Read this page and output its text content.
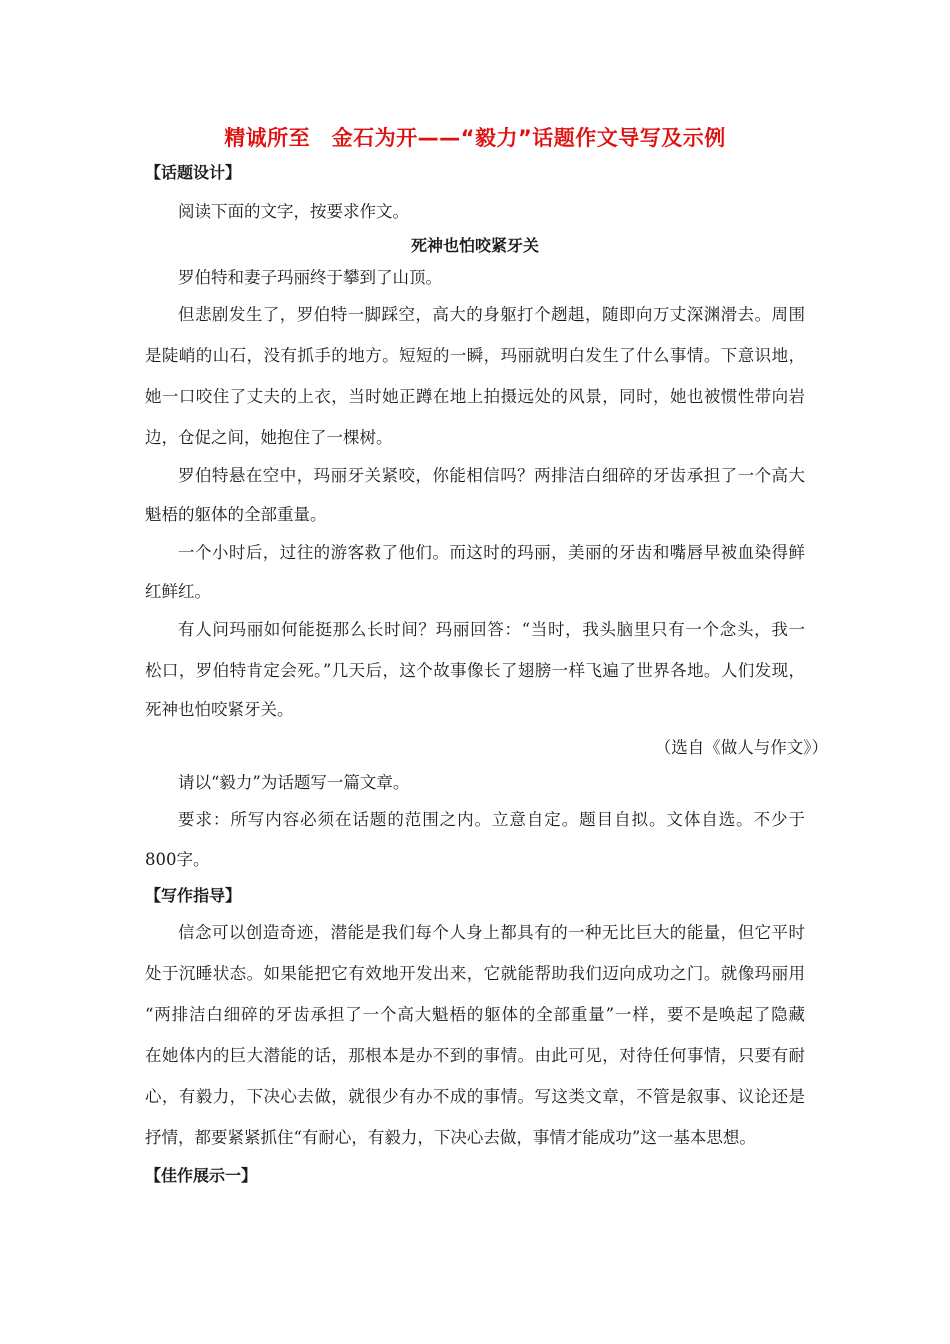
精诚所至　金石为开——“毅力”话题作文导写及示例
【话题设计】
阅读下面的文字，按要求作文。
死神也怕咬紧牙关
罗伯特和妻子玛丽终于攀到了山顶。
但悲剧发生了，罗伯特一脚踩空，高大的身躯打个趔趄，随即向万丈深渊滑去。周围
是陡峭的山石，没有抓手的地方。短短的一瞬，玛丽就明白发生了什么事情。下意识地，
她一口咬住了丈夫的上衣，当时她正蹲在地上拍摄远处的风景，同时，她也被惯性带向岩
边，仓促之间，她抱住了一棵树。
罗伯特悬在空中，玛丽牙关紧咬，你能相信吗？两排洁白细碎的牙齿承担了一个高大
魁梧的躯体的全部重量。
一个小时后，过往的游客救了他们。而这时的玛丽，美丽的牙齿和嘴唇早被血染得鲜
红鲜红。
有人问玛丽如何能挺那么长时间？玛丽回答：“当时，我头脑里只有一个念头，我一
松口，罗伯特肯定会死。”几天后，这个故事像长了翅膀一样飞遍了世界各地。人们发现，
死神也怕咬紧牙关。
（选自《做人与作文》）
请以“毅力”为话题写一篇文章。
要求：所写内容必须在话题的范围之内。立意自定。题目自拟。文体自选。不少于
800字。
【写作指导】
信念可以创造奇迹，潜能是我们每个人身上都具有的一种无比巨大的能量，但它平时
处于沉睡状态。如果能把它有效地开发出来，它就能帮助我们迈向成功之门。就像玛丽用
“两排洁白细碎的牙齿承担了一个高大魁梧的躯体的全部重量”一样，要不是唤起了隐藏
在她体内的巨大潜能的话，那根本是办不到的事情。由此可见，对待任何事情，只要有耐
心，有毅力，下决心去做，就很少有办不成的事情。写这类文章，不管是叙事、议论还是
抒情，都要紧紧抓住“有耐心，有毅力，下决心去做，事情才能成功”这一基本思想。
【佳作展示一】
